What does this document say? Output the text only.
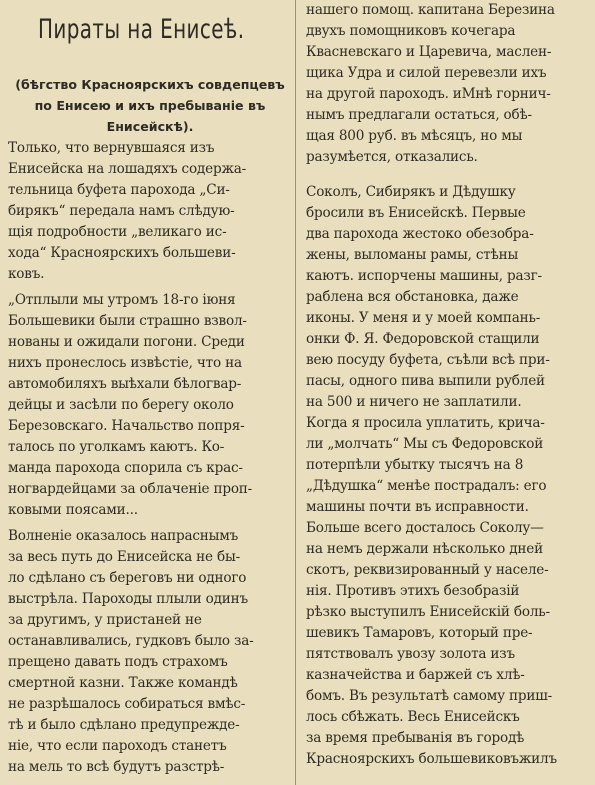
Пираты на Енисеѣ.
(бѣгство Красноярскихъ совдепцевъ по Енисею и ихъ пребываніе въ Енисейскѣ).

Только, что вернувшаяся изъ
Енисейска на лошадяхъ содержа-
тельница буфета парохода „Си-
бирякъ“ передала намъ слѣдую-
щія подробности „великаго ис-
хода“ Красноярскихъ большеви-
ковъ.

„Отплыли мы утромъ 18-го іюня
Большевики были страшно взвол-
нованы и ожидали погони. Среди
нихъ пронеслось извѣстіе, что на
автомобиляхъ выѣхали бѣлогвар-
дейцы и засѣли по берегу около
Березовскаго. Начальство попря-
талось по уголкамъ каютъ. Ко-
манда парохода спорила съ крас-
ногвардейцами за облаченіе проп-
ковыми поясами...

Волненіе оказалось напраснымъ
за весь путь до Енисейска не бы-
ло сдѣлано съ береговъ ни одного
выстрѣла. Пароходы плыли одинъ
за другимъ, у пристаней не
останавливались, гудковъ было за-
прещено давать подъ страхомъ
смертной казни. Также командѣ
не разрѣшалось собираться вмѣс-
тѣ и было сдѣлано предупрежде-
ніе, что если пароходъ станетъ
на мель то всѣ будутъ разстрѣ-

нашего помощ. капитана Березина
двухъ помощниковъ кочегара
Квасневскаго и Царевича, маслен-
щика Удра и силой перевезли ихъ
на другой пароходъ. иМнѣ горнич-
нымъ предлагали остаться, обѣ-
щая 800 руб. въ мѣсяцъ, но мы
разумѣется, отказались.

Соколъ, Сибирякъ и Дѣдушку
бросили въ Енисейскѣ. Первые
два парохода жестоко обезобра-
жены, выломаны рамы, стѣны
каютъ. испорчены машины, разг-
раблена вся обстановка, даже
иконы. У меня и у моей компань-
онки Ф. Я. Федоровской стащили
вею посуду буфета, съѣли всѣ при-
пасы, одного пива выпили рублей
на 500 и ничего не заплатили.
Когда я просила уплатить, крича-
ли „молчать“ Мы съ Федоровской
потерпѣли убытку тысячъ на 8
„Дѣдушка“ менѣе пострадалъ: его
машины почти въ исправности.
Больше всего досталось Соколу—
на немъ держали нѣсколько дней
скотъ, реквизированный у населе-
нія. Противъ этихъ безобразій
рѣзко выступилъ Енисейскій боль-
шевикъ Тамаровъ, который пре-
пятствовалъ увозу золота изъ
казначейства и баржей съ хлѣ-
бомъ. Въ результатѣ самому приш-
лось сбѣжать. Весь Енисейскъ
за время пребыванія въ городѣ
Красноярскихъ большевиковъжилъ
